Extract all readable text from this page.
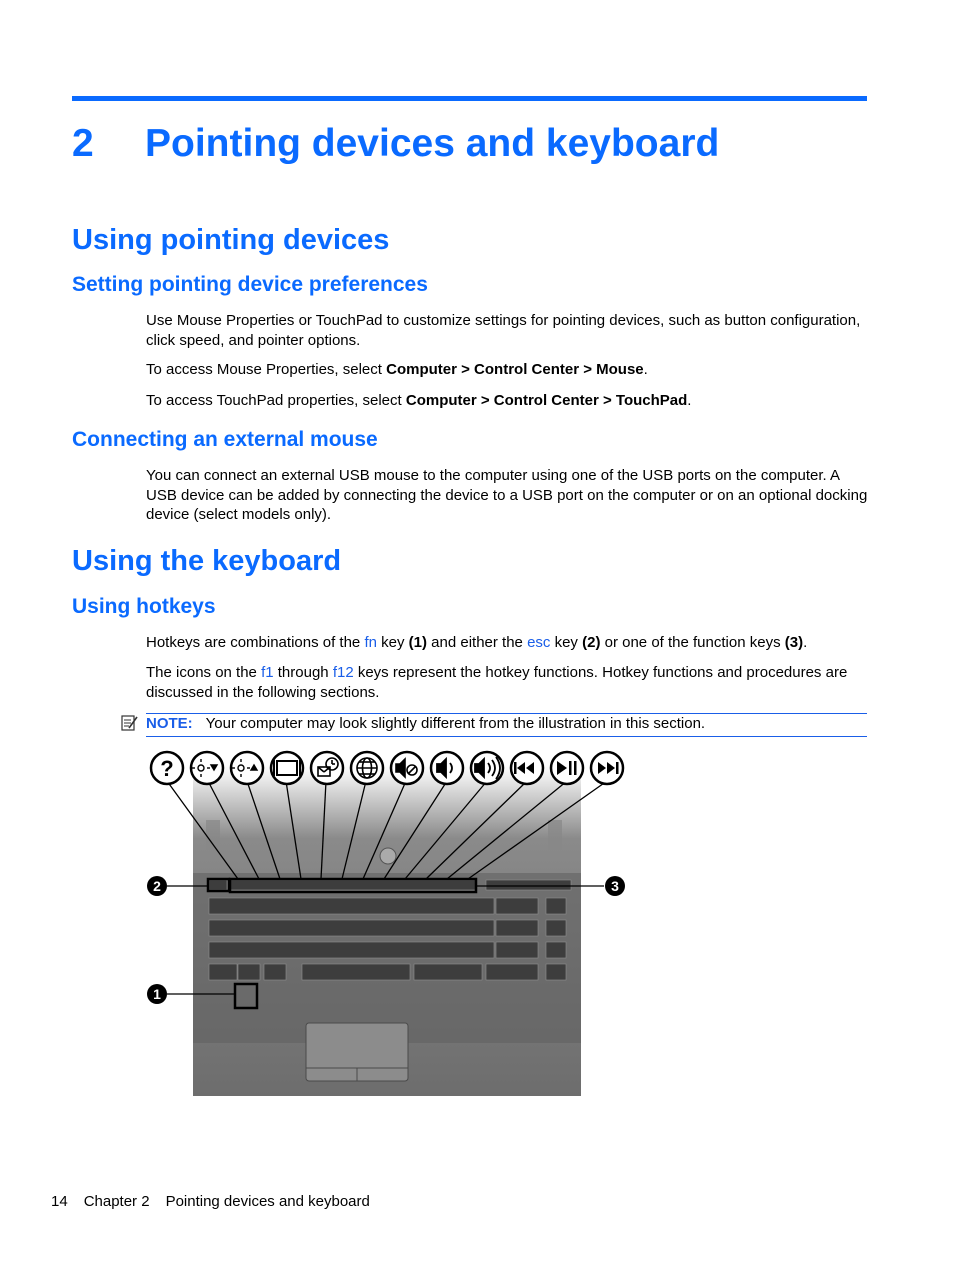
2 Pointing devices and keyboard
Using pointing devices
Setting pointing device preferences
Use Mouse Properties or TouchPad to customize settings for pointing devices, such as button configuration, click speed, and pointer options.
To access Mouse Properties, select Computer > Control Center > Mouse.
To access TouchPad properties, select Computer > Control Center > TouchPad.
Connecting an external mouse
You can connect an external USB mouse to the computer using one of the USB ports on the computer. A USB device can be added by connecting the device to a USB port on the computer or on an optional docking device (select models only).
Using the keyboard
Using hotkeys
Hotkeys are combinations of the fn key (1) and either the esc key (2) or one of the function keys (3).
The icons on the f1 through f12 keys represent the hotkey functions. Hotkey functions and procedures are discussed in the following sections.
NOTE: Your computer may look slightly different from the illustration in this section.
?
2	3
1
14 Chapter 2 Pointing devices and keyboard
